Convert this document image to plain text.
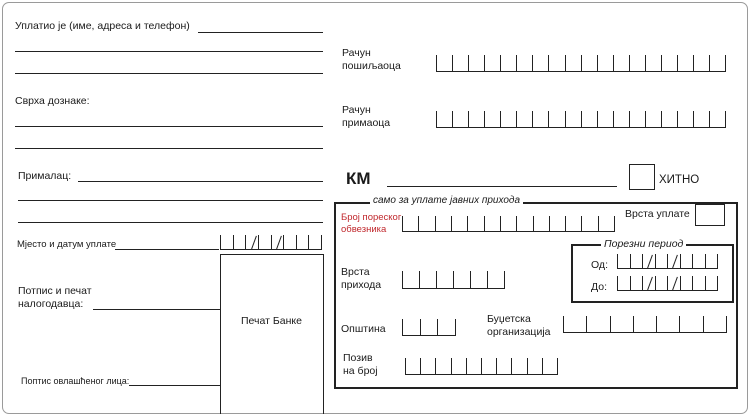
Уплатио је (име, адреса и телефон)
Сврха дознаке:
Прималац:
Мјесто и датум уплате
Печат Банке
Потпис и печат
налогодавца:
Поптис овлашћеног лица:
Рачун
пошиљаоца
Рачун
примаоца
КМ	ХИТНО
само за уплате јавних прихода
Број пореског
обвезника
Врста уплате
Врста
прихода
Порезни период
Од:
До:
Општина
Буџетска
организација
Позив
на број
